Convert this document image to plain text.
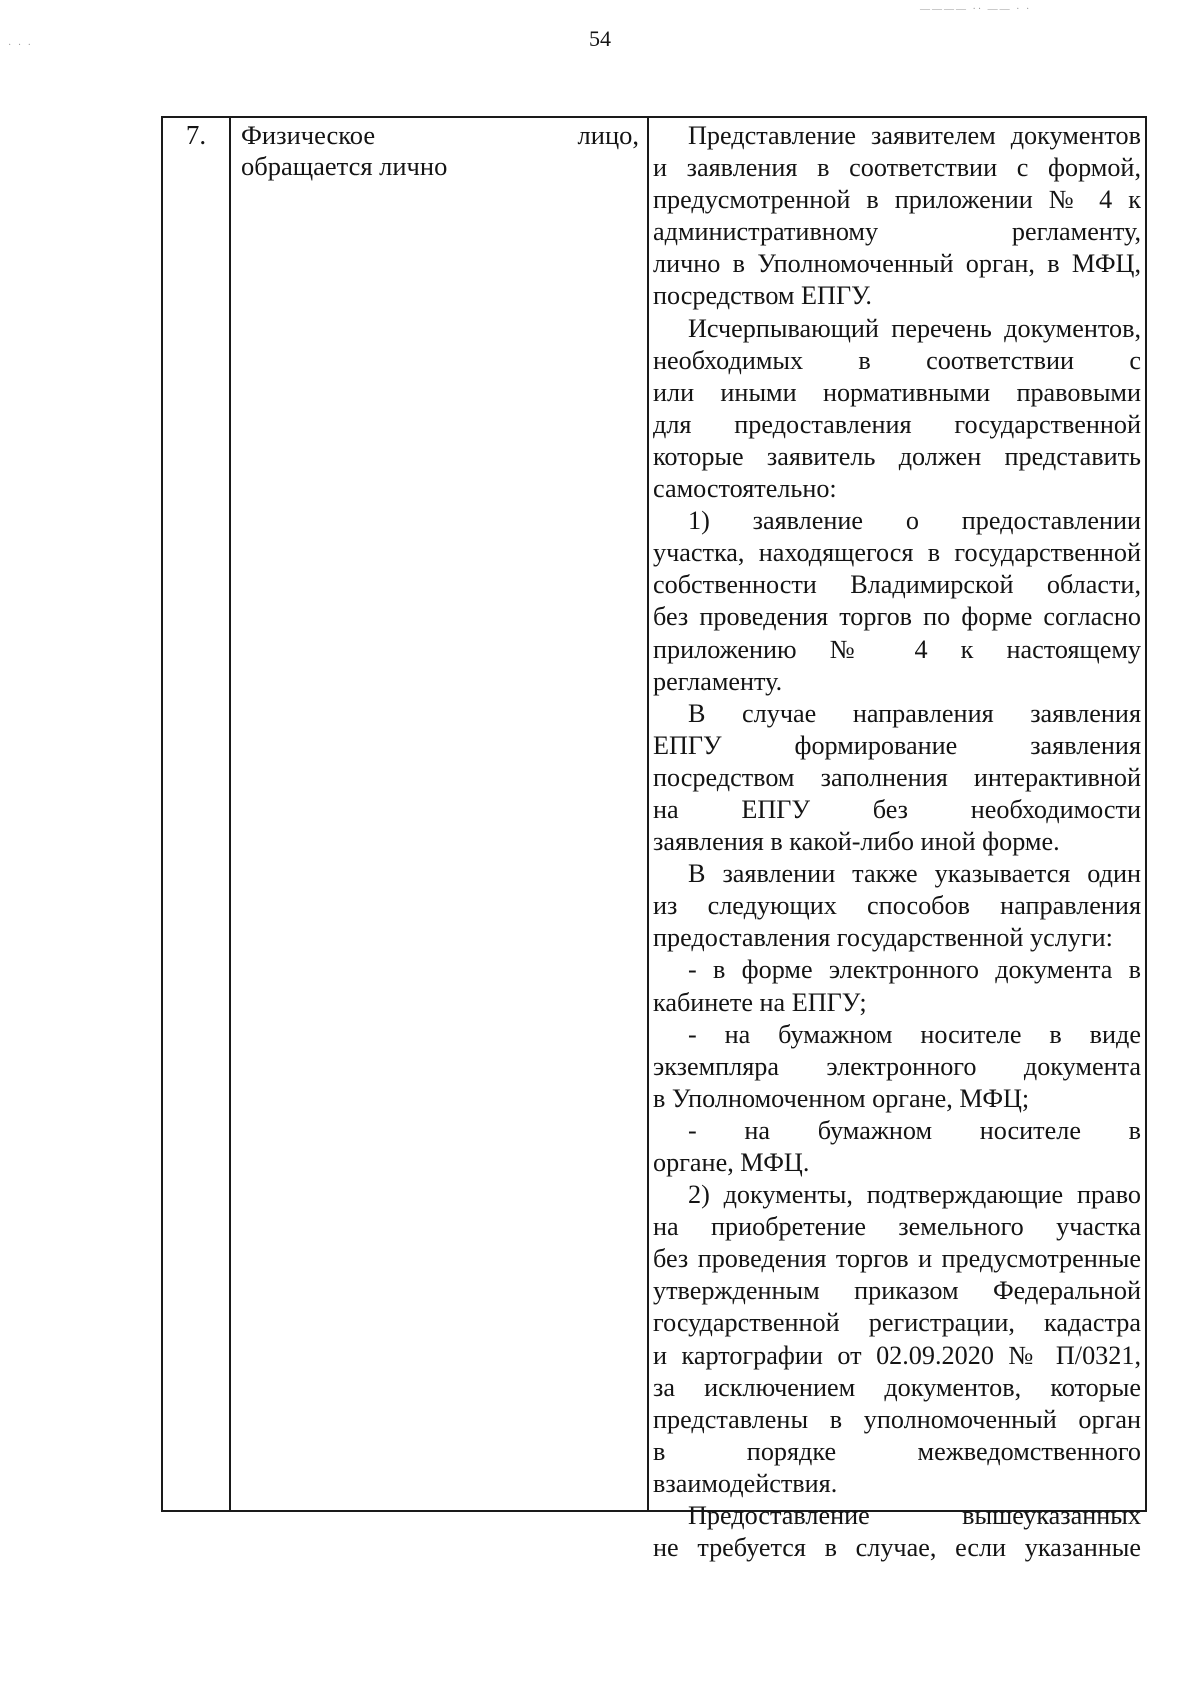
· · ·
———— ·· —— · ·
54
7.	Физическое лицо,
обращается лично
Представление заявителем документов
и заявления в соответствии с формой,
предусмотренной в приложении № 4 к
административному регламенту,
лично в Уполномоченный орган, в МФЦ,
посредством ЕПГУ.
Исчерпывающий перечень документов,
необходимых в соответствии с
или иными нормативными правовыми
для предоставления государственной
которые заявитель должен представить
самостоятельно:
1) заявление о предоставлении
участка, находящегося в государственной
собственности Владимирской области,
без проведения торгов по форме согласно
приложению № 4 к настоящему
регламенту.
В случае направления заявления
ЕПГУ формирование заявления
посредством заполнения интерактивной
на ЕПГУ без необходимости
заявления в какой-либо иной форме.
В заявлении также указывается один
из следующих способов направления
предоставления государственной услуги:
- в форме электронного документа в
кабинете на ЕПГУ;
- на бумажном носителе в виде
экземпляра электронного документа
в Уполномоченном органе, МФЦ;
- на бумажном носителе в
органе, МФЦ.
2) документы, подтверждающие право
на приобретение земельного участка
без проведения торгов и предусмотренные
утвержденным приказом Федеральной
государственной регистрации, кадастра
и картографии от 02.09.2020 № П/0321,
за исключением документов, которые
представлены в уполномоченный орган
в порядке межведомственного
взаимодействия.
Предоставление вышеуказанных
не требуется в случае, если указанные
